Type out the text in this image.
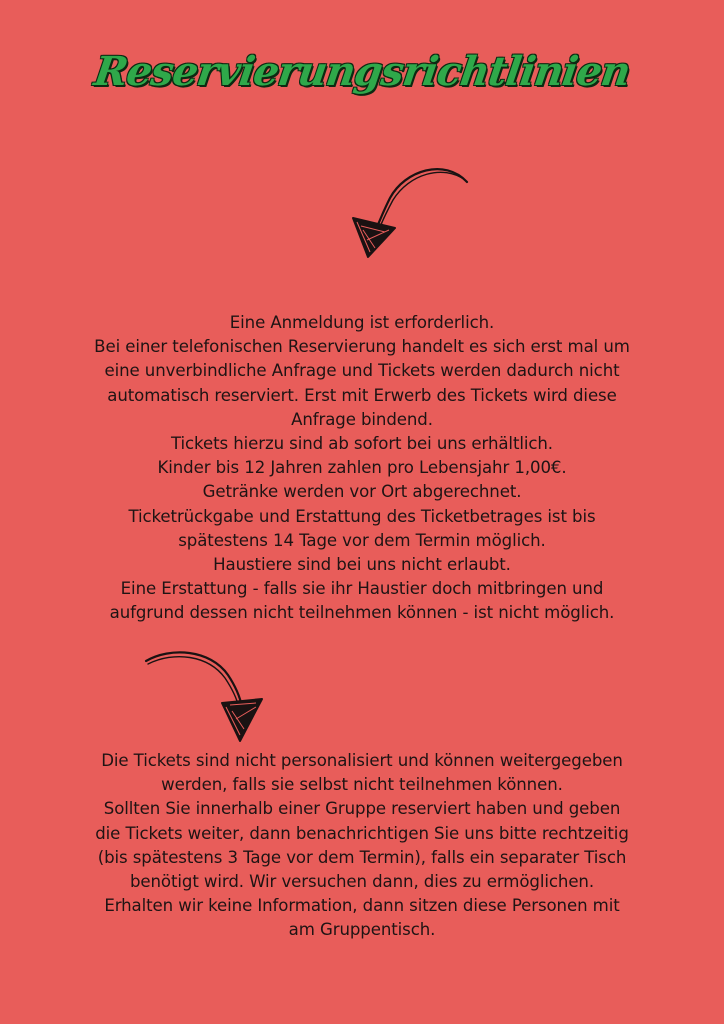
Reservierungsrichtlinien
Eine Anmeldung ist erforderlich.
Bei einer telefonischen Reservierung handelt es sich erst mal um
eine unverbindliche Anfrage und Tickets werden dadurch nicht
automatisch reserviert. Erst mit Erwerb des Tickets wird diese
Anfrage bindend.
Tickets hierzu sind ab sofort bei uns erhältlich.
Kinder bis 12 Jahren zahlen pro Lebensjahr 1,00€.
Getränke werden vor Ort abgerechnet.
Ticketrückgabe und Erstattung des Ticketbetrages ist bis
spätestens 14 Tage vor dem Termin möglich.
Haustiere sind bei uns nicht erlaubt.
Eine Erstattung - falls sie ihr Haustier doch mitbringen und
aufgrund dessen nicht teilnehmen können - ist nicht möglich.
Die Tickets sind nicht personalisiert und können weitergegeben
werden, falls sie selbst nicht teilnehmen können.
Sollten Sie innerhalb einer Gruppe reserviert haben und geben
die Tickets weiter, dann benachrichtigen Sie uns bitte rechtzeitig
(bis spätestens 3 Tage vor dem Termin), falls ein separater Tisch
benötigt wird. Wir versuchen dann, dies zu ermöglichen.
Erhalten wir keine Information, dann sitzen diese Personen mit
am Gruppentisch.
